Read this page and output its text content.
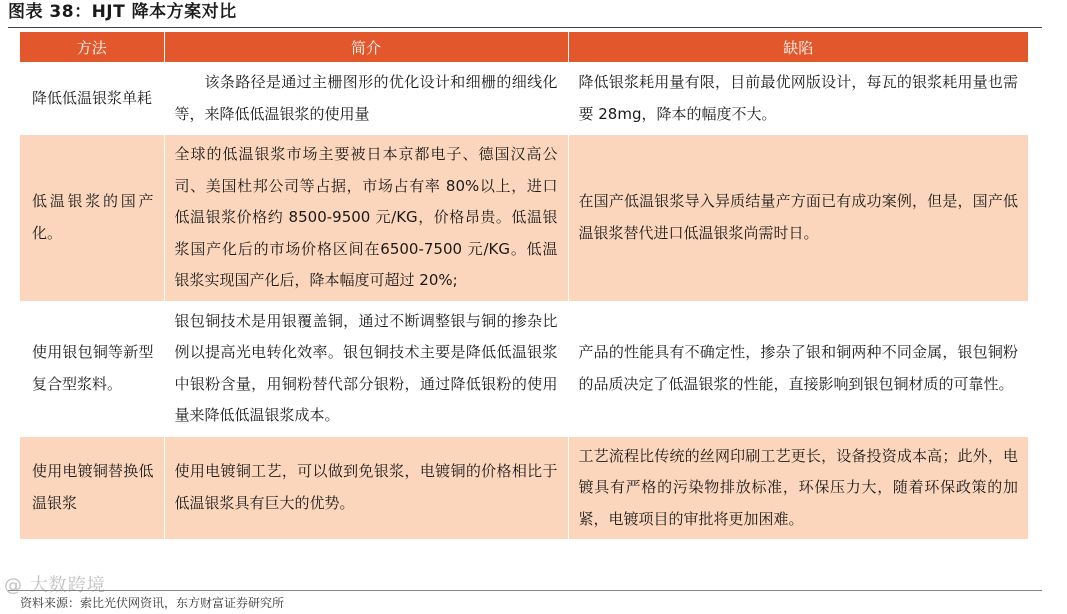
图表 38：HJT 降本方案对比
方法	简介	缺陷
降低低温银浆单耗	该条路径是通过主栅图形的优化设计和细栅的细线化等，来降低低温银浆的使用量	降低银浆耗用量有限，目前最优网版设计，每瓦的银浆耗用量也需要 28mg，降本的幅度不大。
低温银浆的国产化。	全球的低温银浆市场主要被日本京都电子、德国汉高公司、美国杜邦公司等占据，市场占有率 80%以上，进口低温银浆价格约 8500-9500 元/KG，价格昂贵。低温银浆国产化后的市场价格区间在6500-7500 元/KG。低温银浆实现国产化后，降本幅度可超过 20%;	在国产低温银浆导入异质结量产方面已有成功案例，但是，国产低温银浆替代进口低温银浆尚需时日。
使用银包铜等新型复合型浆料。	银包铜技术是用银覆盖铜，通过不断调整银与铜的掺杂比例以提高光电转化效率。银包铜技术主要是降低低温银浆中银粉含量，用铜粉替代部分银粉，通过降低银粉的使用量来降低低温银浆成本。	产品的性能具有不确定性，掺杂了银和铜两种不同金属，银包铜粉的品质决定了低温银浆的性能，直接影响到银包铜材质的可靠性。
使用电镀铜替换低温银浆	使用电镀铜工艺，可以做到免银浆，电镀铜的价格相比于低温银浆具有巨大的优势。	工艺流程比传统的丝网印刷工艺更长，设备投资成本高；此外，电镀具有严格的污染物排放标准，环保压力大，随着环保政策的加紧，电镀项目的审批将更加困难。
@ 大数跨境
资料来源：索比光伏网资讯，东方财富证券研究所
